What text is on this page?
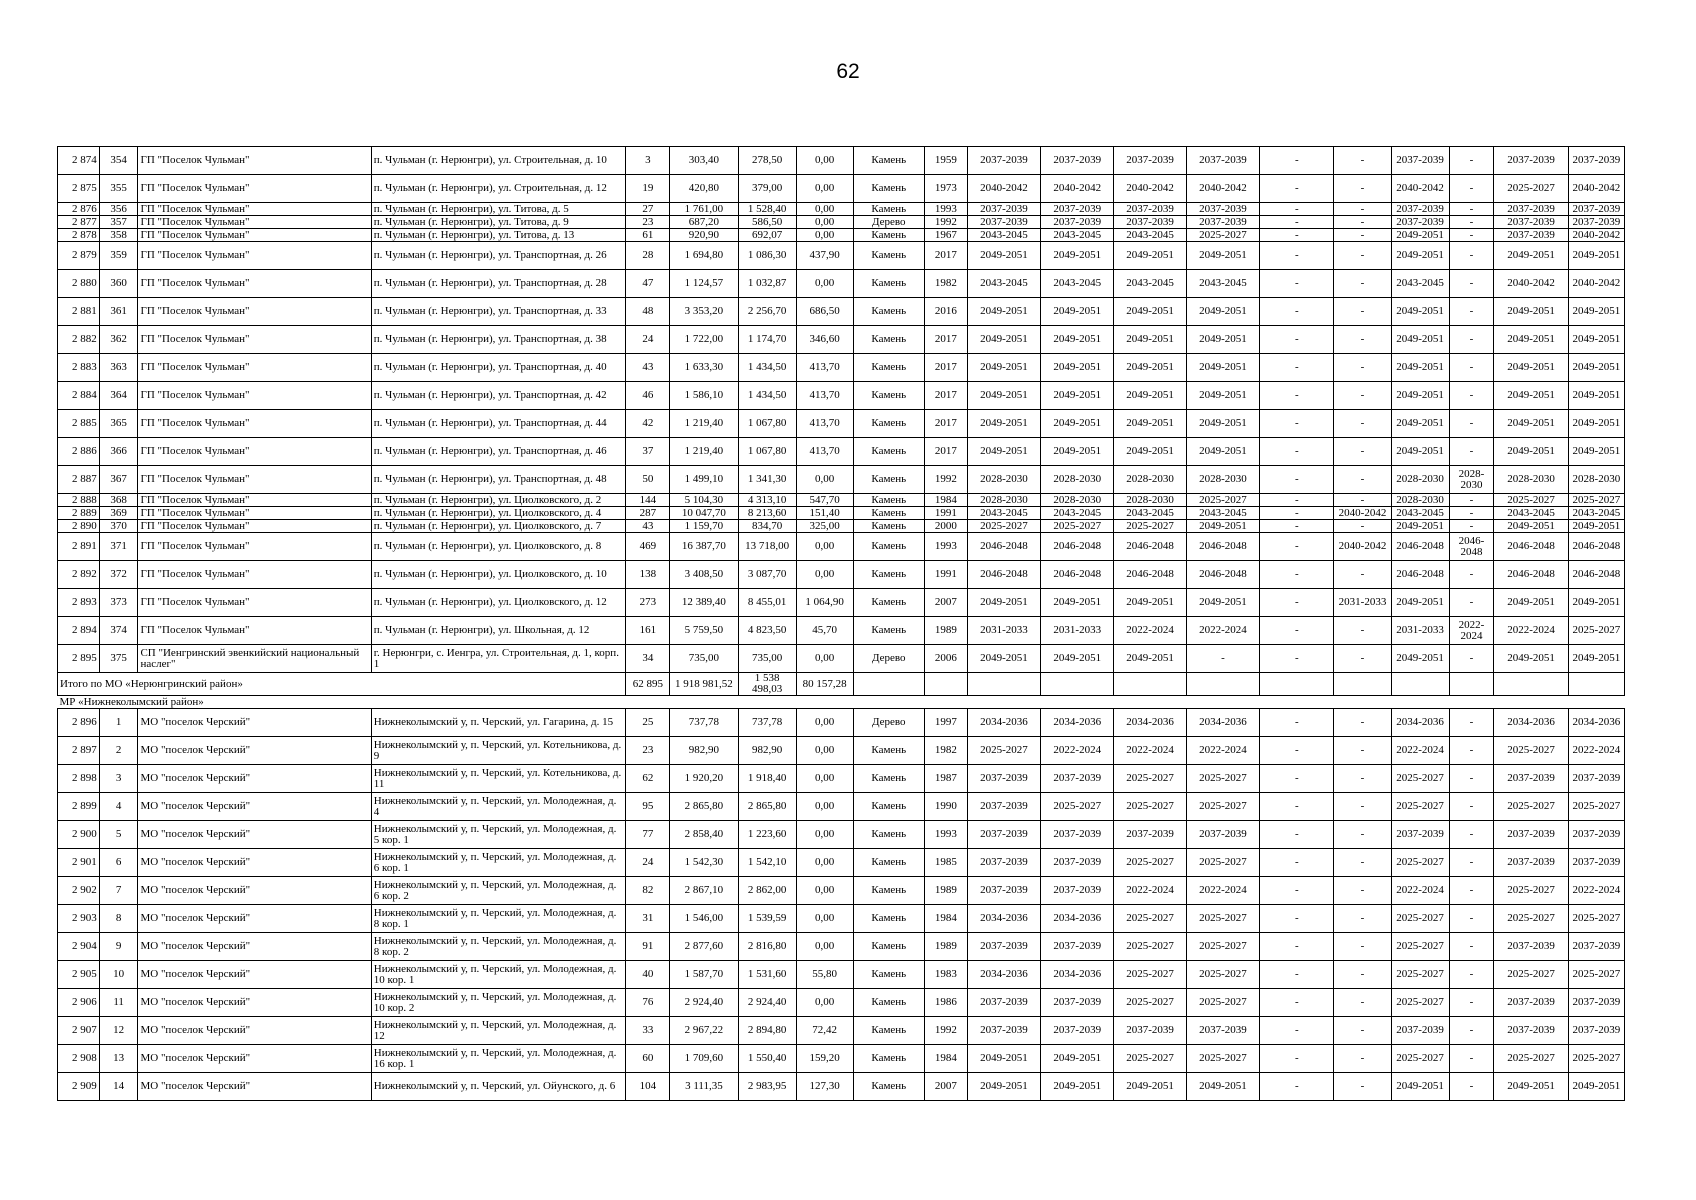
62
2 874	354	ГП "Поселок Чульман"	п. Чульман (г. Нерюнгри), ул. Строительная, д. 10	3	303,40	278,50	0,00	Камень	1959	2037-2039	2037-2039	2037-2039	2037-2039	-	-	2037-2039	-	2037-2039	2037-2039
2 875	355	ГП "Поселок Чульман"	п. Чульман (г. Нерюнгри), ул. Строительная, д. 12	19	420,80	379,00	0,00	Камень	1973	2040-2042	2040-2042	2040-2042	2040-2042	-	-	2040-2042	-	2025-2027	2040-2042
2 876	356	ГП "Поселок Чульман"	п. Чульман (г. Нерюнгри), ул. Титова, д. 5	27	1 761,00	1 528,40	0,00	Камень	1993	2037-2039	2037-2039	2037-2039	2037-2039	-	-	2037-2039	-	2037-2039	2037-2039
2 877	357	ГП "Поселок Чульман"	п. Чульман (г. Нерюнгри), ул. Титова, д. 9	23	687,20	586,50	0,00	Дерево	1992	2037-2039	2037-2039	2037-2039	2037-2039	-	-	2037-2039	-	2037-2039	2037-2039
2 878	358	ГП "Поселок Чульман"	п. Чульман (г. Нерюнгри), ул. Титова, д. 13	61	920,90	692,07	0,00	Камень	1967	2043-2045	2043-2045	2043-2045	2025-2027	-	-	2049-2051	-	2037-2039	2040-2042
2 879	359	ГП "Поселок Чульман"	п. Чульман (г. Нерюнгри), ул. Транспортная, д. 26	28	1 694,80	1 086,30	437,90	Камень	2017	2049-2051	2049-2051	2049-2051	2049-2051	-	-	2049-2051	-	2049-2051	2049-2051
2 880	360	ГП "Поселок Чульман"	п. Чульман (г. Нерюнгри), ул. Транспортная, д. 28	47	1 124,57	1 032,87	0,00	Камень	1982	2043-2045	2043-2045	2043-2045	2043-2045	-	-	2043-2045	-	2040-2042	2040-2042
2 881	361	ГП "Поселок Чульман"	п. Чульман (г. Нерюнгри), ул. Транспортная, д. 33	48	3 353,20	2 256,70	686,50	Камень	2016	2049-2051	2049-2051	2049-2051	2049-2051	-	-	2049-2051	-	2049-2051	2049-2051
2 882	362	ГП "Поселок Чульман"	п. Чульман (г. Нерюнгри), ул. Транспортная, д. 38	24	1 722,00	1 174,70	346,60	Камень	2017	2049-2051	2049-2051	2049-2051	2049-2051	-	-	2049-2051	-	2049-2051	2049-2051
2 883	363	ГП "Поселок Чульман"	п. Чульман (г. Нерюнгри), ул. Транспортная, д. 40	43	1 633,30	1 434,50	413,70	Камень	2017	2049-2051	2049-2051	2049-2051	2049-2051	-	-	2049-2051	-	2049-2051	2049-2051
2 884	364	ГП "Поселок Чульман"	п. Чульман (г. Нерюнгри), ул. Транспортная, д. 42	46	1 586,10	1 434,50	413,70	Камень	2017	2049-2051	2049-2051	2049-2051	2049-2051	-	-	2049-2051	-	2049-2051	2049-2051
2 885	365	ГП "Поселок Чульман"	п. Чульман (г. Нерюнгри), ул. Транспортная, д. 44	42	1 219,40	1 067,80	413,70	Камень	2017	2049-2051	2049-2051	2049-2051	2049-2051	-	-	2049-2051	-	2049-2051	2049-2051
2 886	366	ГП "Поселок Чульман"	п. Чульман (г. Нерюнгри), ул. Транспортная, д. 46	37	1 219,40	1 067,80	413,70	Камень	2017	2049-2051	2049-2051	2049-2051	2049-2051	-	-	2049-2051	-	2049-2051	2049-2051
2 887	367	ГП "Поселок Чульман"	п. Чульман (г. Нерюнгри), ул. Транспортная, д. 48	50	1 499,10	1 341,30	0,00	Камень	1992	2028-2030	2028-2030	2028-2030	2028-2030	-	-	2028-2030	2028-2030	2028-2030	2028-2030
2 888	368	ГП "Поселок Чульман"	п. Чульман (г. Нерюнгри), ул. Циолковского, д. 2	144	5 104,30	4 313,10	547,70	Камень	1984	2028-2030	2028-2030	2028-2030	2025-2027	-	-	2028-2030	-	2025-2027	2025-2027
2 889	369	ГП "Поселок Чульман"	п. Чульман (г. Нерюнгри), ул. Циолковского, д. 4	287	10 047,70	8 213,60	151,40	Камень	1991	2043-2045	2043-2045	2043-2045	2043-2045	-	2040-2042	2043-2045	-	2043-2045	2043-2045
2 890	370	ГП "Поселок Чульман"	п. Чульман (г. Нерюнгри), ул. Циолковского, д. 7	43	1 159,70	834,70	325,00	Камень	2000	2025-2027	2025-2027	2025-2027	2049-2051	-	-	2049-2051	-	2049-2051	2049-2051
2 891	371	ГП "Поселок Чульман"	п. Чульман (г. Нерюнгри), ул. Циолковского, д. 8	469	16 387,70	13 718,00	0,00	Камень	1993	2046-2048	2046-2048	2046-2048	2046-2048	-	2040-2042	2046-2048	2046-2048	2046-2048	2046-2048
2 892	372	ГП "Поселок Чульман"	п. Чульман (г. Нерюнгри), ул. Циолковского, д. 10	138	3 408,50	3 087,70	0,00	Камень	1991	2046-2048	2046-2048	2046-2048	2046-2048	-	-	2046-2048	-	2046-2048	2046-2048
2 893	373	ГП "Поселок Чульман"	п. Чульман (г. Нерюнгри), ул. Циолковского, д. 12	273	12 389,40	8 455,01	1 064,90	Камень	2007	2049-2051	2049-2051	2049-2051	2049-2051	-	2031-2033	2049-2051	-	2049-2051	2049-2051
2 894	374	ГП "Поселок Чульман"	п. Чульман (г. Нерюнгри), ул. Школьная, д. 12	161	5 759,50	4 823,50	45,70	Камень	1989	2031-2033	2031-2033	2022-2024	2022-2024	-	-	2031-2033	2022-2024	2022-2024	2025-2027
2 895	375	СП "Иенгринский эвенкийский национальный наслег"	г. Нерюнгри, с. Иенгра, ул. Строительная, д. 1, корп. 1	34	735,00	735,00	0,00	Дерево	2006	2049-2051	2049-2051	2049-2051	-	-	-	2049-2051	-	2049-2051	2049-2051
Итого по МО «Нерюнгринский район»				62 895	1 918 981,52	1 538 498,03	80 157,28												
МР «Нижнеколымский район»																			
2 896	1	МО "поселок Черский"	Нижнеколымский у, п. Черский, ул. Гагарина, д. 15	25	737,78	737,78	0,00	Дерево	1997	2034-2036	2034-2036	2034-2036	2034-2036	-	-	2034-2036	-	2034-2036	2034-2036
2 897	2	МО "поселок Черский"	Нижнеколымский у, п. Черский, ул. Котельникова, д. 9	23	982,90	982,90	0,00	Камень	1982	2025-2027	2022-2024	2022-2024	2022-2024	-	-	2022-2024	-	2025-2027	2022-2024
2 898	3	МО "поселок Черский"	Нижнеколымский у, п. Черский, ул. Котельникова, д. 11	62	1 920,20	1 918,40	0,00	Камень	1987	2037-2039	2037-2039	2025-2027	2025-2027	-	-	2025-2027	-	2037-2039	2037-2039
2 899	4	МО "поселок Черский"	Нижнеколымский у, п. Черский, ул. Молодежная, д. 4	95	2 865,80	2 865,80	0,00	Камень	1990	2037-2039	2025-2027	2025-2027	2025-2027	-	-	2025-2027	-	2025-2027	2025-2027
2 900	5	МО "поселок Черский"	Нижнеколымский у, п. Черский, ул. Молодежная, д. 5 кор. 1	77	2 858,40	1 223,60	0,00	Камень	1993	2037-2039	2037-2039	2037-2039	2037-2039	-	-	2037-2039	-	2037-2039	2037-2039
2 901	6	МО "поселок Черский"	Нижнеколымский у, п. Черский, ул. Молодежная, д. 6 кор. 1	24	1 542,30	1 542,10	0,00	Камень	1985	2037-2039	2037-2039	2025-2027	2025-2027	-	-	2025-2027	-	2037-2039	2037-2039
2 902	7	МО "поселок Черский"	Нижнеколымский у, п. Черский, ул. Молодежная, д. 6 кор. 2	82	2 867,10	2 862,00	0,00	Камень	1989	2037-2039	2037-2039	2022-2024	2022-2024	-	-	2022-2024	-	2025-2027	2022-2024
2 903	8	МО "поселок Черский"	Нижнеколымский у, п. Черский, ул. Молодежная, д. 8 кор. 1	31	1 546,00	1 539,59	0,00	Камень	1984	2034-2036	2034-2036	2025-2027	2025-2027	-	-	2025-2027	-	2025-2027	2025-2027
2 904	9	МО "поселок Черский"	Нижнеколымский у, п. Черский, ул. Молодежная, д. 8 кор. 2	91	2 877,60	2 816,80	0,00	Камень	1989	2037-2039	2037-2039	2025-2027	2025-2027	-	-	2025-2027	-	2037-2039	2037-2039
2 905	10	МО "поселок Черский"	Нижнеколымский у, п. Черский, ул. Молодежная, д. 10 кор. 1	40	1 587,70	1 531,60	55,80	Камень	1983	2034-2036	2034-2036	2025-2027	2025-2027	-	-	2025-2027	-	2025-2027	2025-2027
2 906	11	МО "поселок Черский"	Нижнеколымский у, п. Черский, ул. Молодежная, д. 10 кор. 2	76	2 924,40	2 924,40	0,00	Камень	1986	2037-2039	2037-2039	2025-2027	2025-2027	-	-	2025-2027	-	2037-2039	2037-2039
2 907	12	МО "поселок Черский"	Нижнеколымский у, п. Черский, ул. Молодежная, д. 12	33	2 967,22	2 894,80	72,42	Камень	1992	2037-2039	2037-2039	2037-2039	2037-2039	-	-	2037-2039	-	2037-2039	2037-2039
2 908	13	МО "поселок Черский"	Нижнеколымский у, п. Черский, ул. Молодежная, д. 16 кор. 1	60	1 709,60	1 550,40	159,20	Камень	1984	2049-2051	2049-2051	2025-2027	2025-2027	-	-	2025-2027	-	2025-2027	2025-2027
2 909	14	МО "поселок Черский"	Нижнеколымский у, п. Черский, ул. Ойунского, д. 6	104	3 111,35	2 983,95	127,30	Камень	2007	2049-2051	2049-2051	2049-2051	2049-2051	-	-	2049-2051	-	2049-2051	2049-2051
